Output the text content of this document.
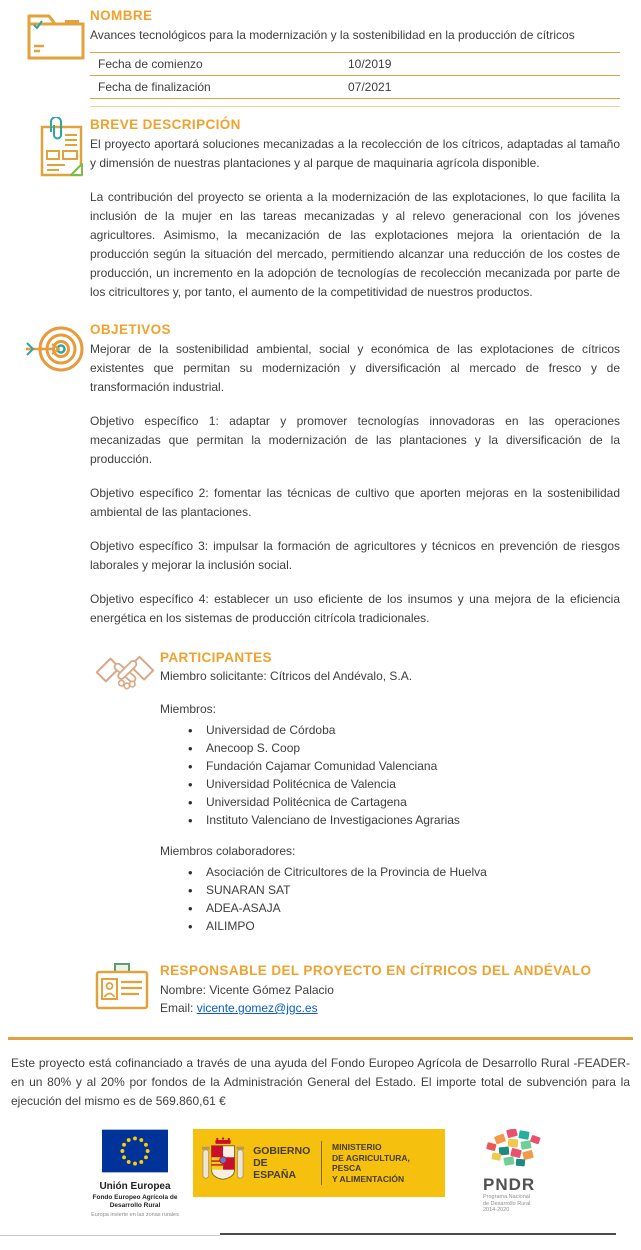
NOMBRE

Avances tecnológicos para la modernización y la sostenibilidad en la producción de cítricos

Fecha de comienzo	10/2019
Fecha de finalización	07/2021
BREVE DESCRIPCIÓN

El proyecto aportará soluciones mecanizadas a la recolección de los cítricos, adaptadas al tamaño y dimensión de nuestras plantaciones y al parque de maquinaria agrícola disponible.

La contribución del proyecto se orienta a la modernización de las explotaciones, lo que facilita la inclusión de la mujer en las tareas mecanizadas y al relevo generacional con los jóvenes agricultores. Asimismo, la mecanización de las explotaciones mejora la orientación de la producción según la situación del mercado, permitiendo alcanzar una reducción de los costes de producción, un incremento en la adopción de tecnologías de recolección mecanizada por parte de los citricultores y, por tanto, el aumento de la competitividad de nuestros productos.

OBJETIVOS

Mejorar de la sostenibilidad ambiental, social y económica de las explotaciones de cítricos existentes que permitan su modernización y diversificación al mercado de fresco y de transformación industrial.

Objetivo específico 1: adaptar y promover tecnologías innovadoras en las operaciones mecanizadas que permitan la modernización de las plantaciones y la diversificación de la producción.

Objetivo específico 2: fomentar las técnicas de cultivo que aporten mejoras en la sostenibilidad ambiental de las plantaciones.

Objetivo específico 3: impulsar la formación de agricultores y técnicos en prevención de riesgos laborales y mejorar la inclusión social.

Objetivo específico 4: establecer un uso eficiente de los insumos y una mejora de la eficiencia energética en los sistemas de producción citrícola tradicionales.

PARTICIPANTES

Miembro solicitante: Cítricos del Andévalo, S.A.

Miembros:

• Universidad de Córdoba
• Anecoop S. Coop
• Fundación Cajamar Comunidad Valenciana
• Universidad Politécnica de Valencia
• Universidad Politécnica de Cartagena
• Instituto Valenciano de Investigaciones Agrarias

Miembros colaboradores:

• Asociación de Citricultores de la Provincia de Huelva
• SUNARAN SAT
• ADEA-ASAJA
• AILIMPO
RESPONSABLE DEL PROYECTO EN CÍTRICOS DEL ANDÉVALO

Nombre: Vicente Gómez Palacio

Email: vicente.gomez@jgc.es

Este proyecto está cofinanciado a través de una ayuda del Fondo Europeo Agrícola de Desarrollo Rural -FEADER- en un 80% y al 20% por fondos de la Administración General del Estado. El importe total de subvención para la ejecución del mismo es de 569.860,61 €

Unión Europea
Fondo Europeo Agrícola de Desarrollo Rural
Europa invierte en las zonas rurales
GOBIERNO
DE ESPAÑA
MINISTERIO
DE AGRICULTURA, PESCA
Y ALIMENTACIÓN	PNDR
Programa Nacional
de Desarrollo Rural
2014-2020
